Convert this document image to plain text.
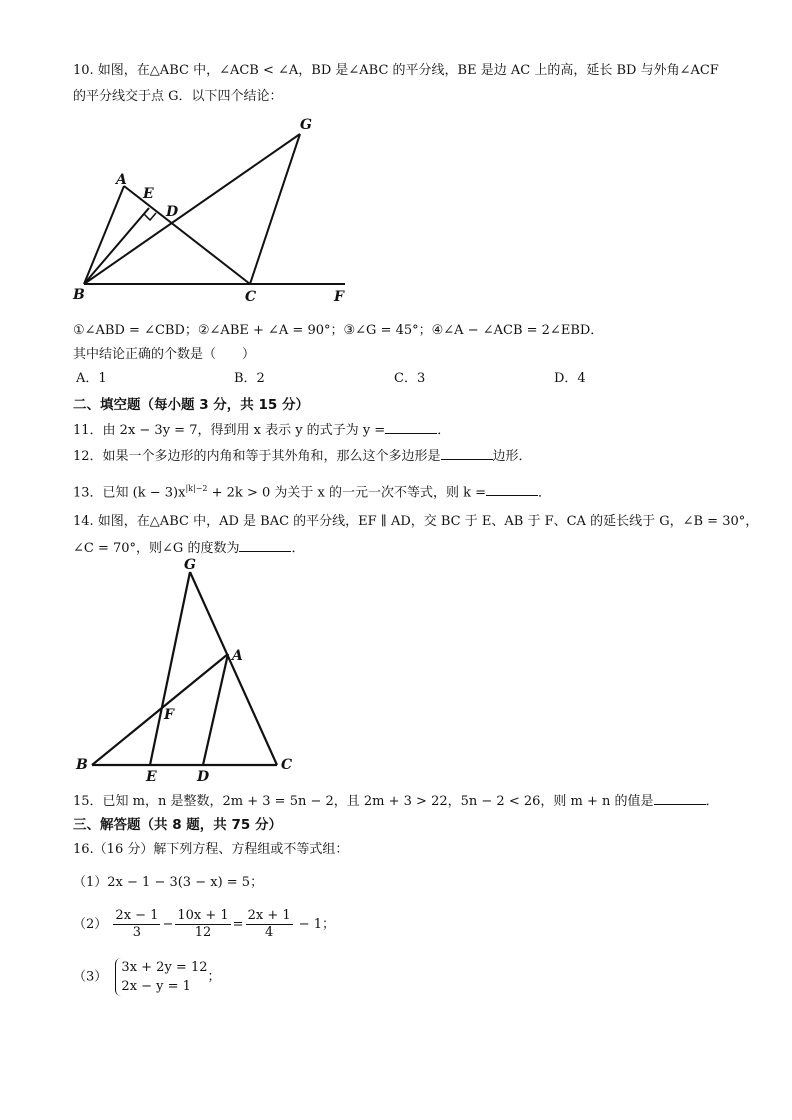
10. 如图，在△ABC 中，∠ACB < ∠A，BD 是∠ABC 的平分线，BE 是边 AC 上的高，延长 BD 与外角∠ACF
的平分线交于点 G．以下四个结论：
G
A
E
D
B	C	F
①∠ABD = ∠CBD；②∠ABE + ∠A = 90°；③∠G = 45°；④∠A − ∠ACB = 2∠EBD．
其中结论正确的个数是（　　）
A．1	B．2	C．3	D．4
二、填空题（每小题 3 分，共 15 分）
11．由 2x − 3y = 7，得到用 x 表示 y 的式子为 y =	．
12．如果一个多边形的内角和等于其外角和，那么这个多边形是	边形．
13．已知 $(k - 3)x^{|k|-2} + 2k > 0$ 为关于 x 的一元一次不等式，则 k =	．
14. 如图，在△ABC 中，AD 是 BAC 的平分线，EF ∥ AD，交 BC 于 E、AB 于 F、CA 的延长线于 G，∠B = 30°，
∠C = 70°，则∠G 的度数为	．
G
A
F
B
E	D
C
15．已知 m，n 是整数，2m + 3 = 5n − 2，且 2m + 3 > 22，5n − 2 < 26，则 m + n 的值是	．
三、解答题（共 8 题，共 75 分）
16.（16 分）解下列方程、方程组或不等式组：
（1）2x − 1 − 3(3 − x) = 5；
$(2) \frac{2x - 1}{3} - \frac{10x + 1}{12} = \frac{2x + 1}{4} - 1$；
（3）
3x + 2y = 12
2x − y = 1
；
